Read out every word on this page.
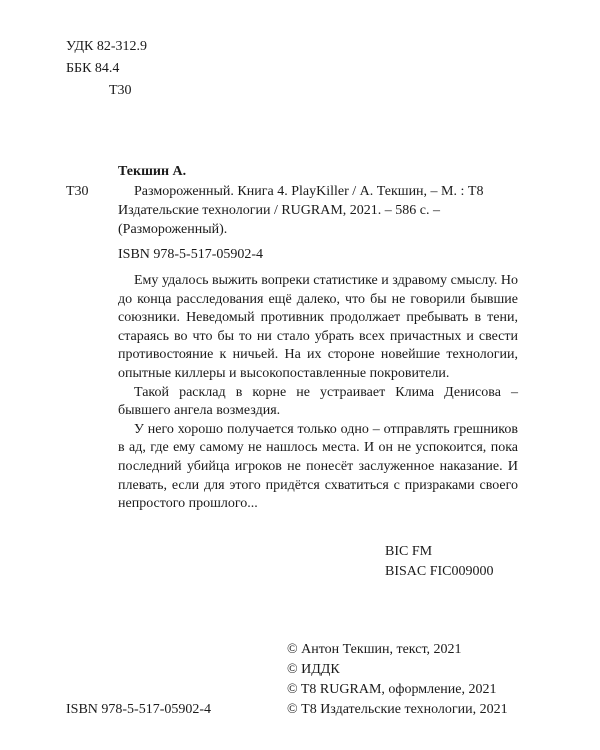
УДК 82-312.9

ББК 84.4

Т30

Текшин А.

Т30	Размороженный. Книга 4. PlayKiller / А. Текшин, – М. : Т8 Издательские технологии / RUGRAM, 2021. – 586 с. – (Размороженный).

ISBN 978-5-517-05902-4

Ему удалось выжить вопреки статистике и здравому смыслу. Но до конца расследования ещё далеко, что бы не говорили бывшие союзники. Неведомый противник продолжает пребывать в тени, стараясь во что бы то ни стало убрать всех причастных и свести противостояние к ничьей. На их стороне новейшие технологии, опытные киллеры и высокопоставленные покровители.

Такой расклад в корне не устраивает Клима Денисова – бывшего ангела возмездия.

У него хорошо получается только одно – отправлять грешников в ад, где ему самому не нашлось места. И он не успокоится, пока последний убийца игроков не понесёт заслуженное наказание. И плевать, если для этого придётся схватиться с призраками своего непростого прошлого...

BIC FM

BISAC FIC009000

© Антон Текшин, текст, 2021

© ИДДК

© T8 RUGRAM, оформление, 2021

© Т8 Издательские технологии, 2021

ISBN 978-5-517-05902-4
